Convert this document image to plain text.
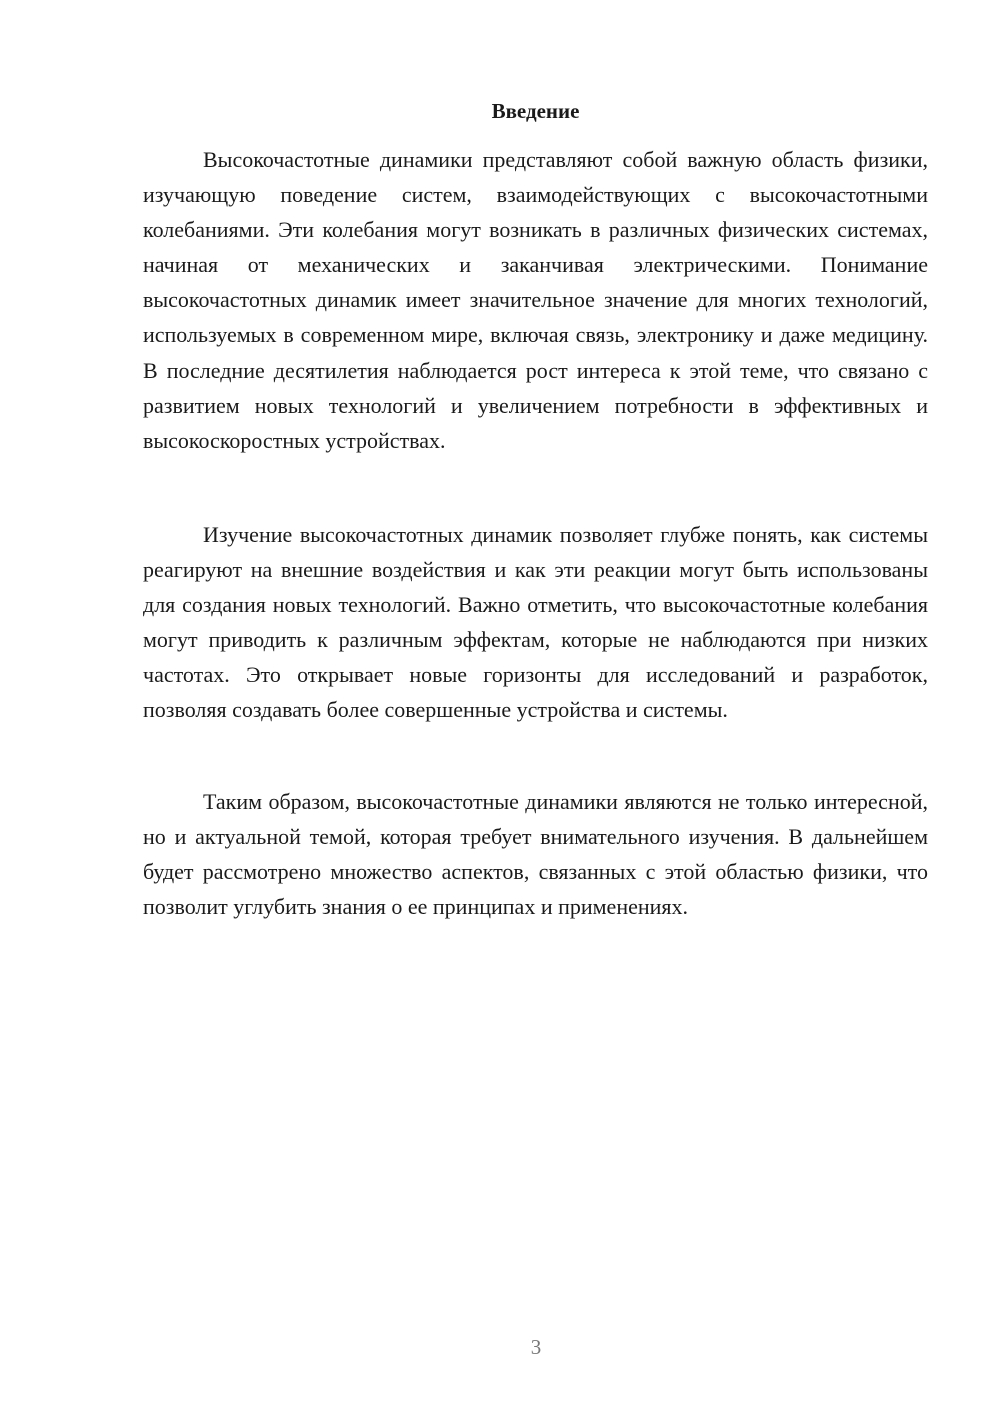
Введение

Высокочастотные динамики представляют собой важную область физики, изучающую поведение систем, взаимодействующих с высокочастотными колебаниями. Эти колебания могут возникать в различных физических системах, начиная от механических и заканчивая электрическими. Понимание высокочастотных динамик имеет значительное значение для многих технологий, используемых в современном мире, включая связь, электронику и даже медицину. В последние десятилетия наблюдается рост интереса к этой теме, что связано с развитием новых технологий и увеличением потребности в эффективных и высокоскоростных устройствах.

Изучение высокочастотных динамик позволяет глубже понять, как системы реагируют на внешние воздействия и как эти реакции могут быть использованы для создания новых технологий. Важно отметить, что высокочастотные колебания могут приводить к различным эффектам, которые не наблюдаются при низких частотах. Это открывает новые горизонты для исследований и разработок, позволяя создавать более совершенные устройства и системы.

Таким образом, высокочастотные динамики являются не только интересной, но и актуальной темой, которая требует внимательного изучения. В дальнейшем будет рассмотрено множество аспектов, связанных с этой областью физики, что позволит углубить знания о ее принципах и применениях.

3
